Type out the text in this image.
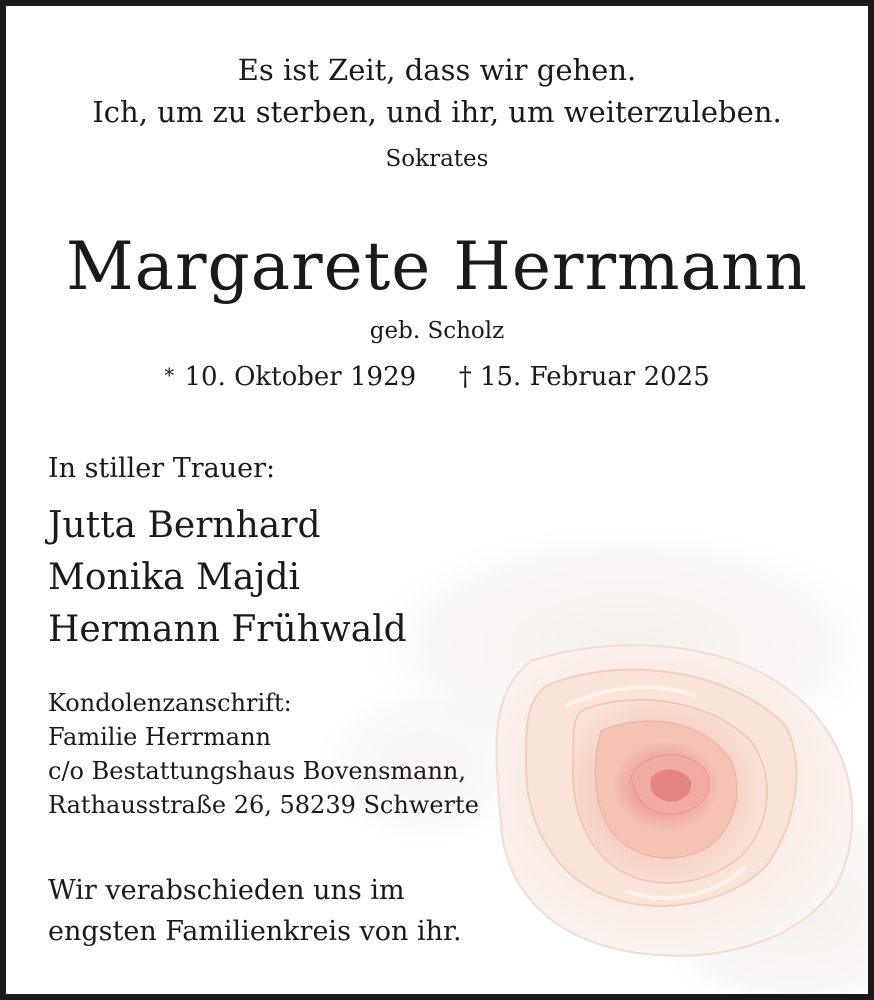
Es ist Zeit, dass wir gehen.
Ich, um zu sterben, und ihr, um weiterzuleben.
Sokrates
Margarete Herrmann
geb. Scholz
* 10. Oktober 1929 † 15. Februar 2025
In stiller Trauer:
Jutta Bernhard
Monika Majdi
Hermann Frühwald
Kondolenzanschrift:
Familie Herrmann
c/o Bestattungshaus Bovensmann,
Rathausstraße 26, 58239 Schwerte
Wir verabschieden uns im
engsten Familienkreis von ihr.
